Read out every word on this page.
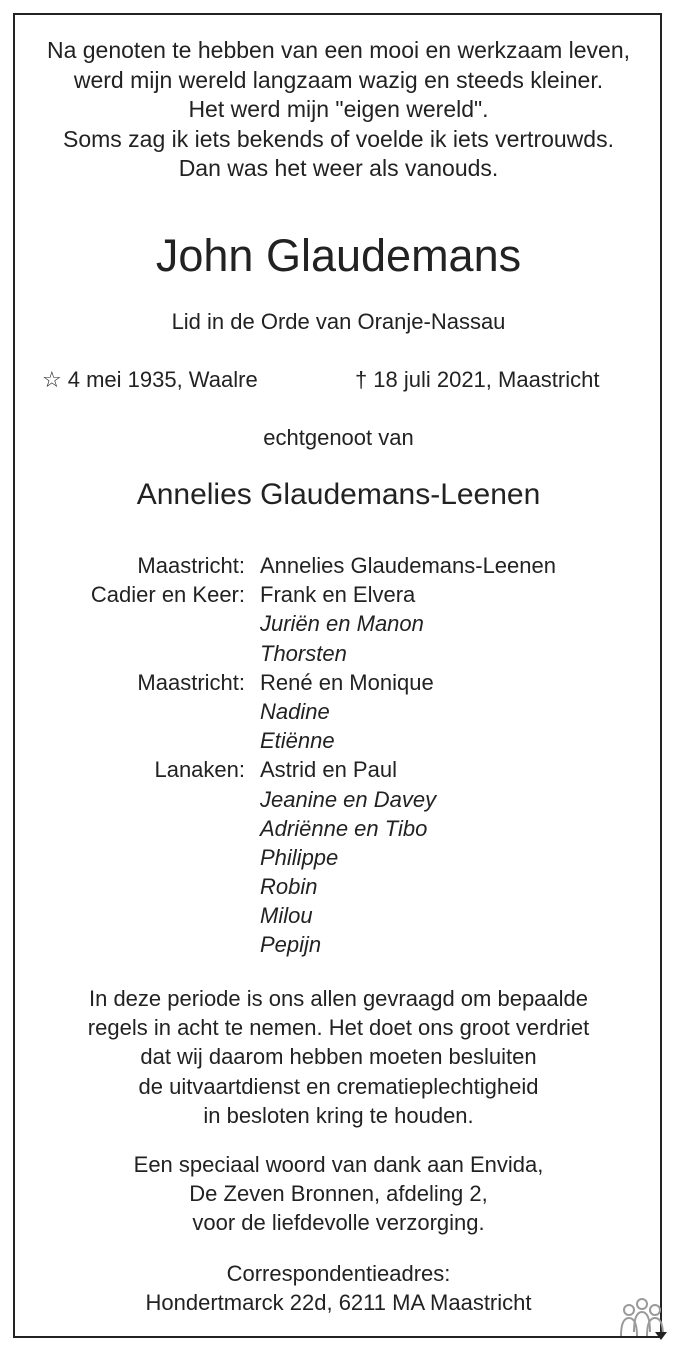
Na genoten te hebben van een mooi en werkzaam leven,
werd mijn wereld langzaam wazig en steeds kleiner.
Het werd mijn "eigen wereld".
Soms zag ik iets bekends of voelde ik iets vertrouwds.
Dan was het weer als vanouds.
John Glaudemans
Lid in de Orde van Oranje-Nassau
☆ 4 mei 1935, Waalre	† 18 juli 2021, Maastricht
echtgenoot van
Annelies Glaudemans-Leenen
Maastricht: Annelies Glaudemans-Leenen
Cadier en Keer: Frank en Elvera
Juriën en Manon
Thorsten
Maastricht: René en Monique
Nadine
Etiënne
Lanaken: Astrid en Paul
Jeanine en Davey
Adriënne en Tibo
Philippe
Robin
Milou
Pepijn
In deze periode is ons allen gevraagd om bepaalde
regels in acht te nemen. Het doet ons groot verdriet
dat wij daarom hebben moeten besluiten
de uitvaartdienst en crematieplechtigheid
in besloten kring te houden.
Een speciaal woord van dank aan Envida,
De Zeven Bronnen, afdeling 2,
voor de liefdevolle verzorging.
Correspondentieadres:
Hondertmarck 22d, 6211 MA Maastricht
